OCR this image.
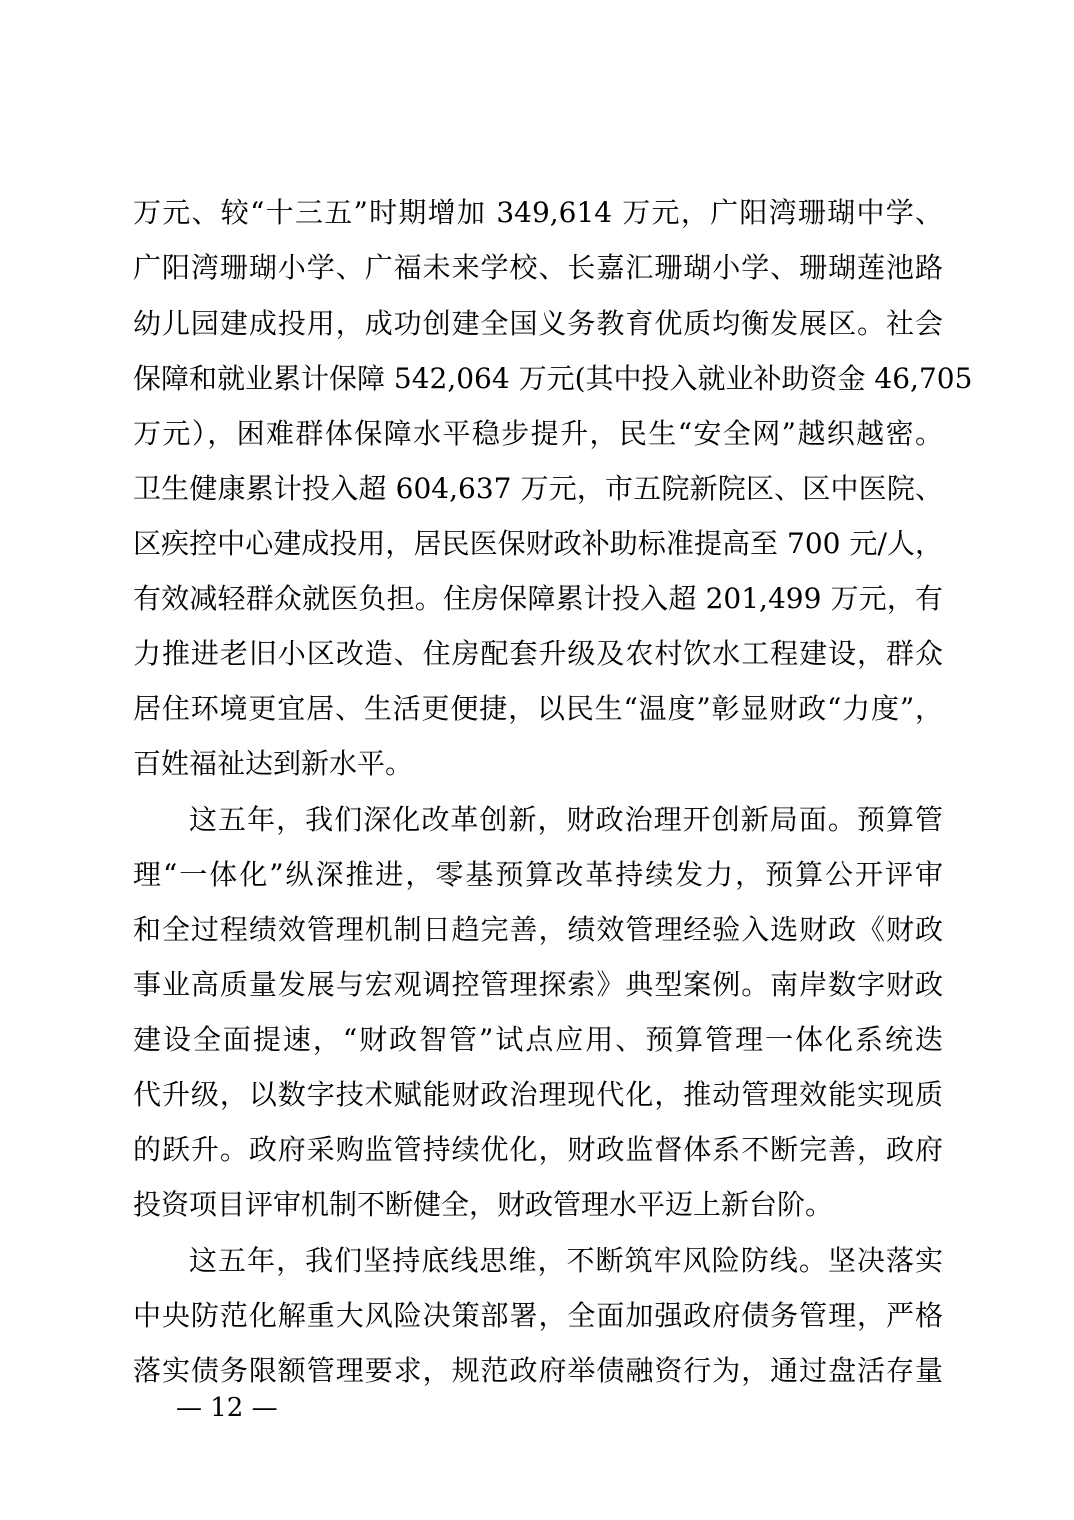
万元、较“十三五”时期增加 349,614 万元，广阳湾珊瑚中学、
广阳湾珊瑚小学、广福未来学校、长嘉汇珊瑚小学、珊瑚莲池路
幼儿园建成投用，成功创建全国义务教育优质均衡发展区。社会
保障和就业累计保障 542,064 万元(其中投入就业补助资金 46,705
万元），困难群体保障水平稳步提升，民生“安全网”越织越密。
卫生健康累计投入超 604,637 万元，市五院新院区、区中医院、
区疾控中心建成投用，居民医保财政补助标准提高至 700 元/人，
有效减轻群众就医负担。住房保障累计投入超 201,499 万元，有
力推进老旧小区改造、住房配套升级及农村饮水工程建设，群众
居住环境更宜居、生活更便捷，以民生“温度”彰显财政“力度”，
百姓福祉达到新水平。
这五年，我们深化改革创新，财政治理开创新局面。预算管
理“一体化”纵深推进，零基预算改革持续发力，预算公开评审
和全过程绩效管理机制日趋完善，绩效管理经验入选财政《财政
事业高质量发展与宏观调控管理探索》典型案例。南岸数字财政
建设全面提速，“财政智管”试点应用、预算管理一体化系统迭
代升级，以数字技术赋能财政治理现代化，推动管理效能实现质
的跃升。政府采购监管持续优化，财政监督体系不断完善，政府
投资项目评审机制不断健全，财政管理水平迈上新台阶。
这五年，我们坚持底线思维，不断筑牢风险防线。坚决落实
中央防范化解重大风险决策部署，全面加强政府债务管理，严格
落实债务限额管理要求，规范政府举债融资行为，通过盘活存量
— 12 —
